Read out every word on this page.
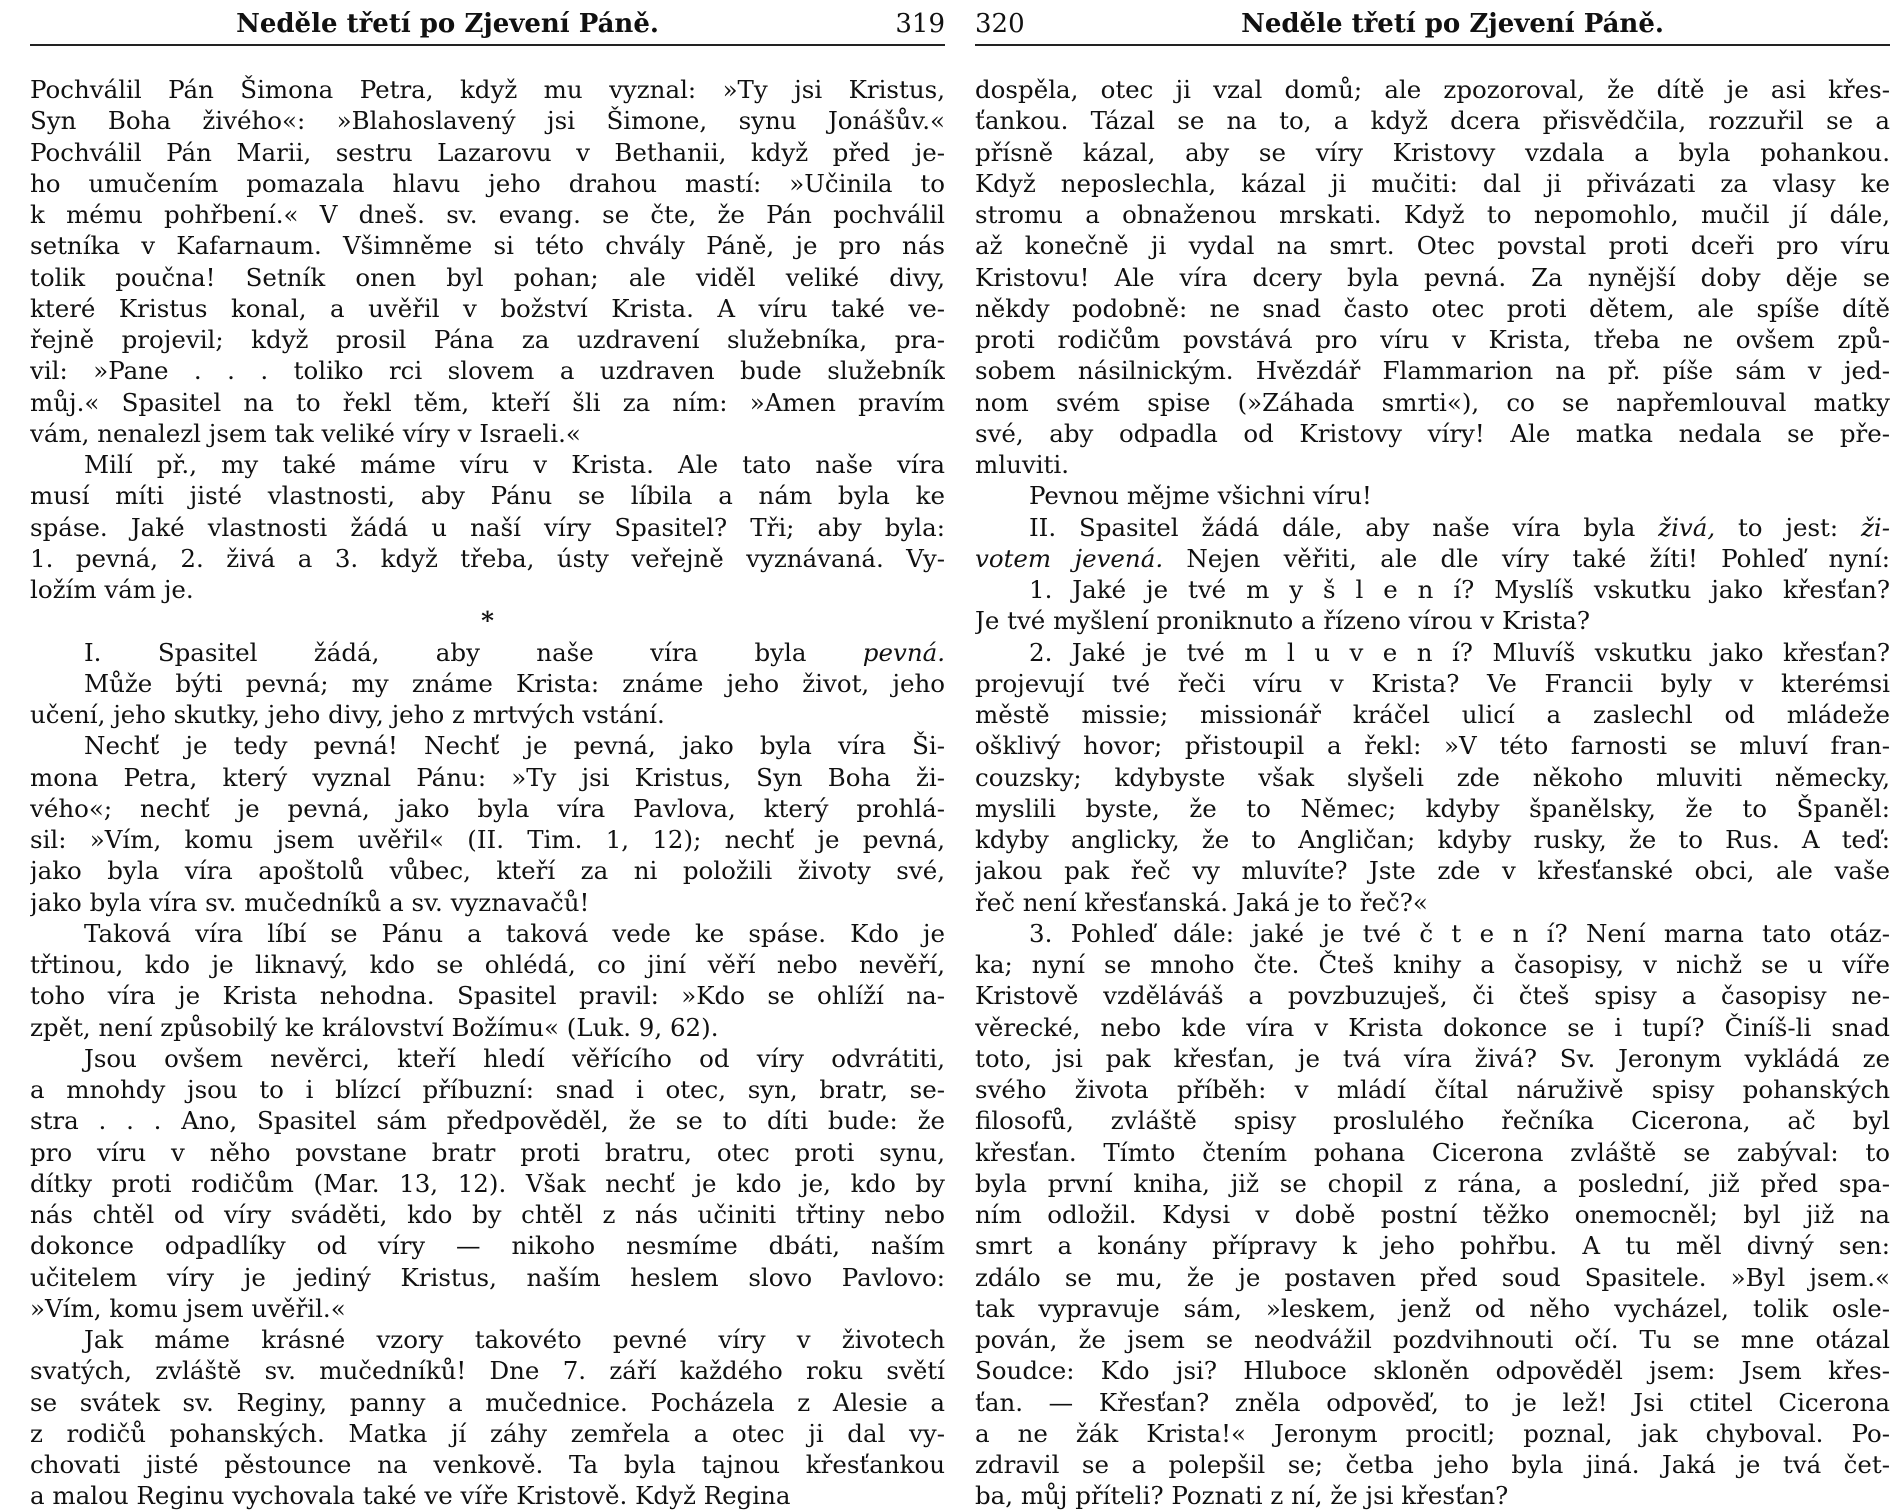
Neděle třetí po Zjevení Páně.	319
Pochválil Pán Šimona Petra, když mu vyznal: »Ty jsi Kristus,
Syn Boha živého«: »Blahoslavený jsi Šimone, synu Jonášův.«
Pochválil Pán Marii, sestru Lazarovu v Bethanii, když před je-
ho umučením pomazala hlavu jeho drahou mastí: »Učinila to
k mému pohřbení.« V dneš. sv. evang. se čte, že Pán pochválil
setníka v Kafarnaum. Všimněme si této chvály Páně, je pro nás
tolik poučna! Setník onen byl pohan; ale viděl veliké divy,
které Kristus konal, a uvěřil v božství Krista. A víru také ve-
řejně projevil; když prosil Pána za uzdravení služebníka, pra-
vil: »Pane . . . toliko rci slovem a uzdraven bude služebník
můj.« Spasitel na to řekl těm, kteří šli za ním: »Amen pravím
vám, nenalezl jsem tak veliké víry v Israeli.«
Milí př., my také máme víru v Krista. Ale tato naše víra
musí míti jisté vlastnosti, aby Pánu se líbila a nám byla ke
spáse. Jaké vlastnosti žádá u naší víry Spasitel? Tři; aby byla:
1. pevná, 2. živá a 3. když třeba, ústy veřejně vyznávaná. Vy-
ložím vám je.
*
I. Spasitel žádá, aby naše víra byla pevná.
Může býti pevná; my známe Krista: známe jeho život, jeho
učení, jeho skutky, jeho divy, jeho z mrtvých vstání.
Nechť je tedy pevná! Nechť je pevná, jako byla víra Ši-
mona Petra, který vyznal Pánu: »Ty jsi Kristus, Syn Boha ži-
vého«; nechť je pevná, jako byla víra Pavlova, který prohlá-
sil: »Vím, komu jsem uvěřil« (II. Tim. 1, 12); nechť je pevná,
jako byla víra apoštolů vůbec, kteří za ni položili životy své,
jako byla víra sv. mučedníků a sv. vyznavačů!
Taková víra líbí se Pánu a taková vede ke spáse. Kdo je
třtinou, kdo je liknavý, kdo se ohlédá, co jiní věří nebo nevěří,
toho víra je Krista nehodna. Spasitel pravil: »Kdo se ohlíží na-
zpět, není způsobilý ke království Božímu« (Luk. 9, 62).
Jsou ovšem nevěrci, kteří hledí věřícího od víry odvrátiti,
a mnohdy jsou to i blízcí příbuzní: snad i otec, syn, bratr, se-
stra . . . Ano, Spasitel sám předpověděl, že se to díti bude: že
pro víru v něho povstane bratr proti bratru, otec proti synu,
dítky proti rodičům (Mar. 13, 12). Však nechť je kdo je, kdo by
nás chtěl od víry sváděti, kdo by chtěl z nás učiniti třtiny nebo
dokonce odpadlíky od víry — nikoho nesmíme dbáti, naším
učitelem víry je jediný Kristus, naším heslem slovo Pavlovo:
»Vím, komu jsem uvěřil.«
Jak máme krásné vzory takovéto pevné víry v životech
svatých, zvláště sv. mučedníků! Dne 7. září každého roku světí
se svátek sv. Reginy, panny a mučednice. Pocházela z Alesie a
z rodičů pohanských. Matka jí záhy zemřela a otec ji dal vy-
chovati jisté pěstounce na venkově. Ta byla tajnou křesťankou
a malou Reginu vychovala také ve víře Kristově. Když Regina
320	Neděle třetí po Zjevení Páně.
dospěla, otec ji vzal domů; ale zpozoroval, že dítě je asi křes-
ťankou. Tázal se na to, a když dcera přisvědčila, rozzuřil se a
přísně kázal, aby se víry Kristovy vzdala a byla pohankou.
Když neposlechla, kázal ji mučiti: dal ji přivázati za vlasy ke
stromu a obnaženou mrskati. Když to nepomohlo, mučil jí dále,
až konečně ji vydal na smrt. Otec povstal proti dceři pro víru
Kristovu! Ale víra dcery byla pevná. Za nynější doby děje se
někdy podobně: ne snad často otec proti dětem, ale spíše dítě
proti rodičům povstává pro víru v Krista, třeba ne ovšem způ-
sobem násilnickým. Hvězdář Flammarion na př. píše sám v jed-
nom svém spise (»Záhada smrti«), co se napřemlouval matky
své, aby odpadla od Kristovy víry! Ale matka nedala se pře-
mluviti.
Pevnou mějme všichni víru!
II. Spasitel žádá dále, aby naše víra byla živá, to jest: ži-
votem jevená. Nejen věřiti, ale dle víry také žíti! Pohleď nyní:
1. Jaké je tvé m y š l e n í? Myslíš vskutku jako křesťan?
Je tvé myšlení proniknuto a řízeno vírou v Krista?
2. Jaké je tvé m l u v e n í? Mluvíš vskutku jako křesťan?
projevují tvé řeči víru v Krista? Ve Francii byly v kterémsi
městě missie; missionář kráčel ulicí a zaslechl od mládeže
ošklivý hovor; přistoupil a řekl: »V této farnosti se mluví fran-
couzsky; kdybyste však slyšeli zde někoho mluviti německy,
myslili byste, že to Němec; kdyby španělsky, že to Španěl:
kdyby anglicky, že to Angličan; kdyby rusky, že to Rus. A teď:
jakou pak řeč vy mluvíte? Jste zde v křesťanské obci, ale vaše
řeč není křesťanská. Jaká je to řeč?«
3. Pohleď dále: jaké je tvé č t e n í? Není marna tato otáz-
ka; nyní se mnoho čte. Čteš knihy a časopisy, v nichž se u víře
Kristově vzděláváš a povzbuzuješ, či čteš spisy a časopisy ne-
věrecké, nebo kde víra v Krista dokonce se i tupí? Činíš-li snad
toto, jsi pak křesťan, je tvá víra živá? Sv. Jeronym vykládá ze
svého života příběh: v mládí čítal náruživě spisy pohanských
filosofů, zvláště spisy proslulého řečníka Cicerona, ač byl
křesťan. Tímto čtením pohana Cicerona zvláště se zabýval: to
byla první kniha, již se chopil z rána, a poslední, již před spa-
ním odložil. Kdysi v době postní těžko onemocněl; byl již na
smrt a konány přípravy k jeho pohřbu. A tu měl divný sen:
zdálo se mu, že je postaven před soud Spasitele. »Byl jsem.«
tak vypravuje sám, »leskem, jenž od něho vycházel, tolik osle-
pován, že jsem se neodvážil pozdvihnouti očí. Tu se mne otázal
Soudce: Kdo jsi? Hluboce skloněn odpověděl jsem: Jsem křes-
ťan. — Křesťan? zněla odpověď, to je lež! Jsi ctitel Cicerona
a ne žák Krista!« Jeronym procitl; poznal, jak chyboval. Po-
zdravil se a polepšil se; četba jeho byla jiná. Jaká je tvá čet-
ba, můj příteli? Poznati z ní, že jsi křesťan?
